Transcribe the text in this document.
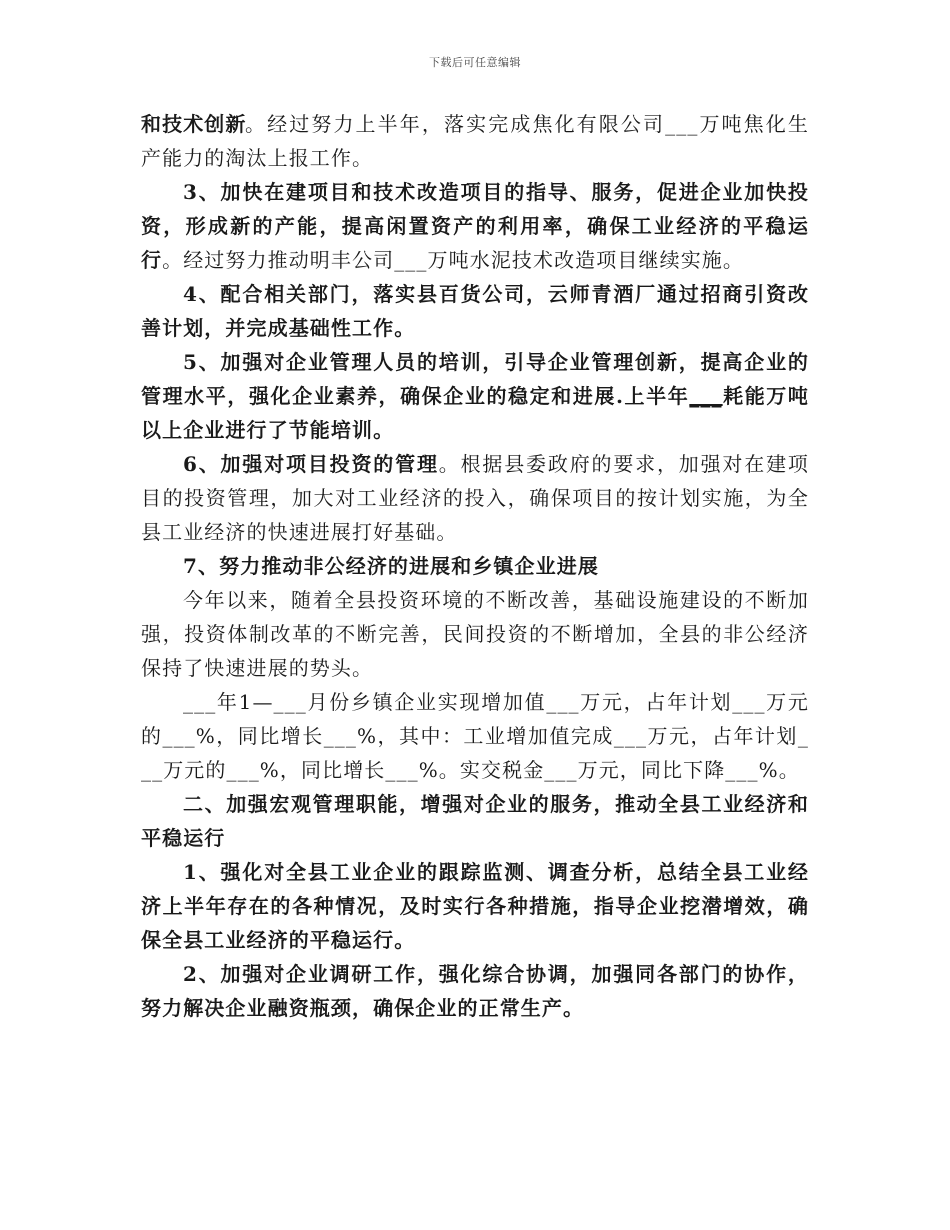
下载后可任意编辑

和技术创新
。经过努力上半年，落实完成焦化有限公司___万吨焦化生
产能力的淘汰上报工作。

3、加快在建项目和技术改造项目的指导、服务，促进企业加快投资，形成新的产能，提高闲置资产的利用率，确保工业经济的平稳运行。经过努力推动明丰公司___万吨水泥技术改造项目继续实施。

4、配合相关部门，落实县百货公司，云师青酒厂通过招商引资改善计划，并完成基础性工作。

5、加强对企业管理人员的培训，引导企业管理创新，提高企业的管理水平，强化企业素养，确保企业的稳定和进展.上半年___耗能万吨以上企业进行了节能培训。

6、加强对项目投资的管理。根据县委政府的要求，加强对在建项目的投资管理，加大对工业经济的投入，确保项目的按计划实施，为全县工业经济的快速进展打好基础。

7、努力推动非公经济的进展和乡镇企业进展

今年以来，随着全县投资环境的不断改善，基础设施建设的不断加强，投资体制改革的不断完善，民间投资的不断增加，全县的非公经济保持了快速进展的势头。

___年1—___月份乡镇企业实现增加值___万元，占年计划___万元的___%，同比增长___%，其中：工业增加值完成___万元，占年计划___万元的___%，同比增长___%。实交税金___万元，同比下降___%。

二、加强宏观管理职能，增强对企业的服务，推动全县工业经济和平稳运行

1、强化对全县工业企业的跟踪监测、调查分析，总结全县工业经济上半年存在的各种情况，及时实行各种措施，指导企业挖潜增效，确保全县工业经济的平稳运行。

2、加强对企业调研工作，强化综合协调，加强同各部门的协作，努力解决企业融资瓶颈，确保企业的正常生产。
